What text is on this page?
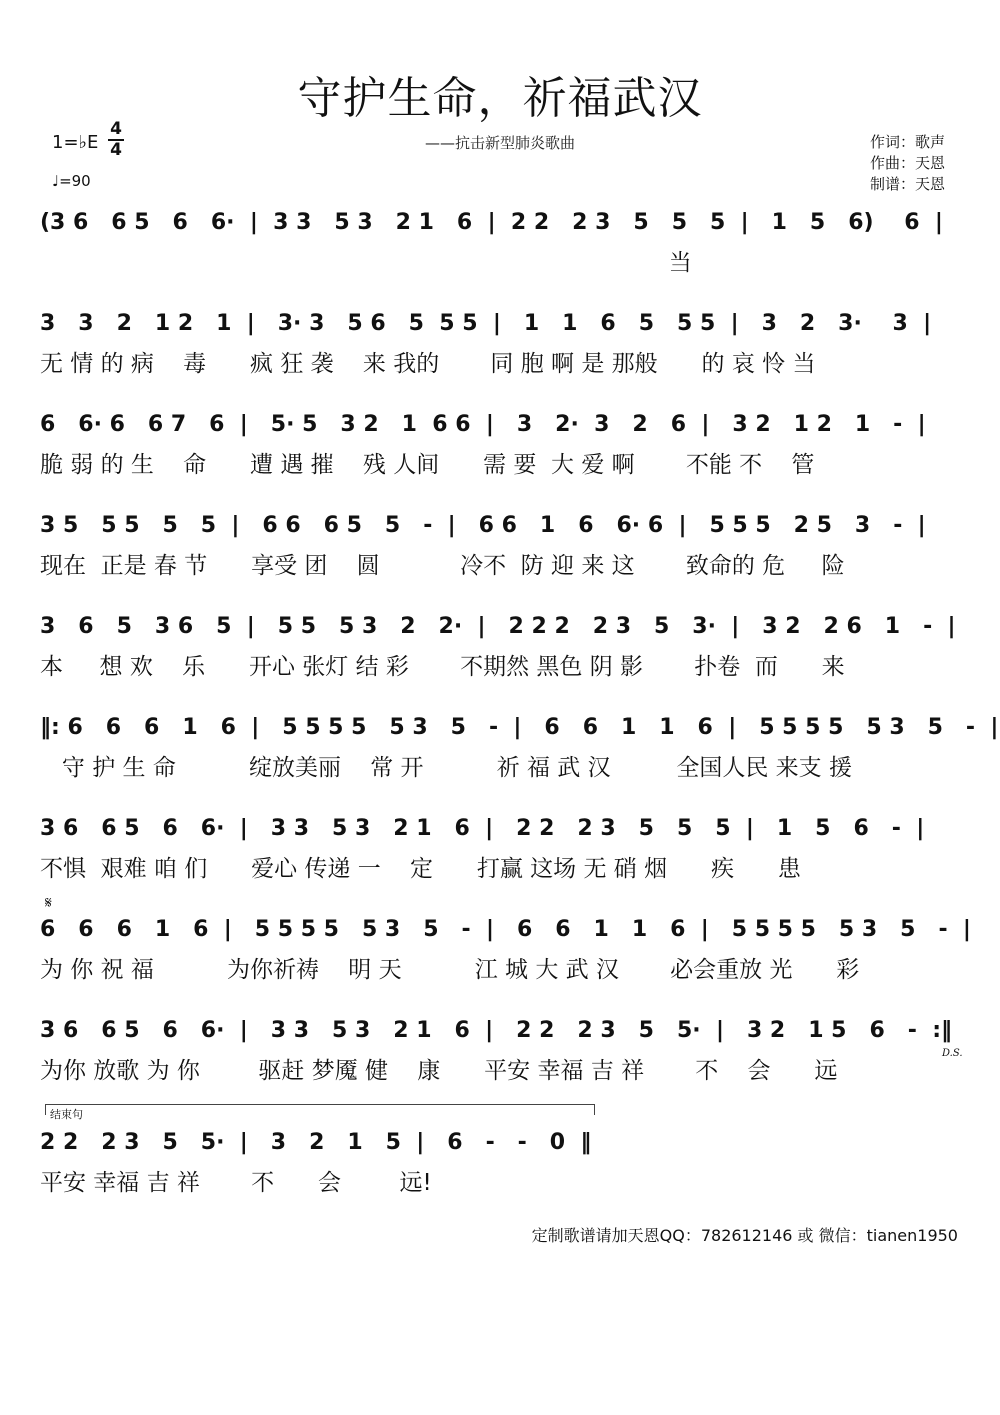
守护生命，祈福武汉
——抗击新型肺炎歌曲
1=♭E
4
4
♩=90
作词：歌声
作曲：天恩
制谱：天恩
(3 6   6 5   6   6·  |  3 3   5 3   2 1   6  |  2 2   2 3   5   5   5  |   1   5   6)    6  |
当
3   3   2   1 2   1  |   3· 3   5 6   5  5 5  |   1   1   6   5   5 5  |   3   2   3·    3  |
无 情 的 病    毒      疯 狂 袭    来 我的       同 胞 啊 是 那般      的 哀 怜 当
6   6· 6   6 7   6  |   5· 5   3 2   1  6 6  |   3   2·  3   2   6  |   3 2   1 2   1   -  |
脆 弱 的 生    命      遭 遇 摧    残 人间      需 要  大 爱 啊       不能 不    管
3 5   5 5   5   5  |   6 6   6 5   5   -  |   6 6   1   6   6· 6  |   5 5 5   2 5   3   -  |
现在  正是 春 节      享受 团    圆           冷不  防 迎 来 这       致命的 危     险
3   6   5   3 6   5  |   5 5   5 3   2   2·  |   2 2 2   2 3   5   3·  |   3 2   2 6   1   -  |
本     想 欢    乐      开心 张灯 结 彩       不期然 黑色 阴 影       扑卷  而      来
‖: 6   6   6   1   6  |   5 5 5 5   5 3   5   -  |   6   6   1   1   6  |   5 5 5 5   5 3   5   -  |
守 护 生 命          绽放美丽    常 开          祈 福 武 汉         全国人民 来支 援
3 6   6 5   6   6·  |   3 3   5 3   2 1   6  |   2 2   2 3   5   5   5  |   1   5   6   -  |
不惧  艰难 咱 们      爱心 传递 一    定      打赢 这场 无 硝 烟      疾      患
𝄋
6   6   6   1   6  |   5 5 5 5   5 3   5   -  |   6   6   1   1   6  |   5 5 5 5   5 3   5   -  |
为 你 祝 福          为你祈祷    明 天          江 城 大 武 汉       必会重放 光      彩
3 6   6 5   6   6·  |   3 3   5 3   2 1   6  |   2 2   2 3   5   5·  |   3 2   1 5   6   -  :‖
为你 放歌 为 你        驱赶 梦魇 健    康      平安 幸福 吉 祥       不    会      远
D.S.
结束句
2 2   2 3   5   5·  |   3   2   1   5  |   6   -   -   0  ‖
平安 幸福 吉 祥       不      会        远!
定制歌谱请加天恩QQ：782612146 或 微信：tianen1950
